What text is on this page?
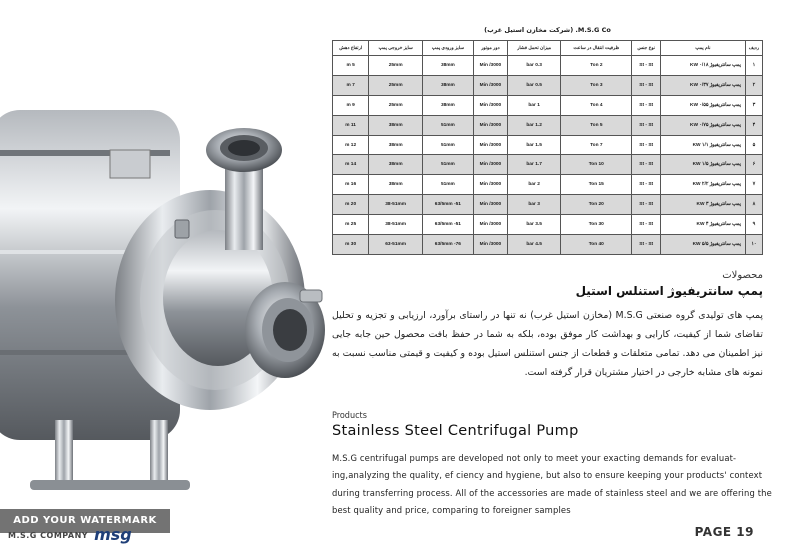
M.S.G Co. (شرکت مخازن استیل غرب)
ردیف	نام پمپ	نوع جنس	ظرفیت انتقال در ساعت	میزان تحمل فشار	دور موتور	سایز ورودی پمپ	سایز خروجی پمپ	ارتفاع دهش
۱	پمپ سانتریفیوژ KW ۰/۱۸	St - St	2 Ton	0.3 bar	3000/ Min	38mm	25mm	5 m
۲	پمپ سانتریفیوژ KW ۰/۳۷	St - St	3 Ton	0.5 bar	3000/ Min	38mm	25mm	7 m
۳	پمپ سانتریفیوژ KW ۰/۵۵	St - St	4 Ton	1 bar	3000/ Min	38mm	25mm	9 m
۴	پمپ سانتریفیوژ KW ۰/۷۵	St - St	5 Ton	1.2 bar	3000/ Min	51mm	38mm	11 m
۵	پمپ سانتریفیوژ KW ۱/۱	St - St	7 Ton	1.5 bar	3000/ Min	51mm	38mm	12 m
۶	پمپ سانتریفیوژ KW ۱/۵	St - St	10 Ton	1.7 bar	3000/ Min	51mm	38mm	14 m
۷	پمپ سانتریفیوژ KW ۲/۲	St - St	15 Ton	2 bar	3000/ Min	51mm	38mm	16 m
۸	پمپ سانتریفیوژ KW ۳	St - St	20 Ton	3 bar	3000/ Min	51- 63/5mm	38-51mm	20 m
۹	پمپ سانتریفیوژ KW ۴	St - St	30 Ton	3.5 bar	3000/ Min	51- 63/5mm	38-51mm	25 m
۱۰	پمپ سانتریفیوژ KW ۵/۵	St - St	40 Ton	4.5 bar	3000/ Min	76- 63/5mm	63-51mm	30 m
محصولات
پمپ سانتریفیوژ استنلس استیل
پمپ های تولیدی گروه صنعتی M.S.G (مخازن استیل غرب) نه تنها در راستای برآورد، ارزیابی و تجزیه و تحلیل تقاضای شما از کیفیت، کارایی و بهداشت کار موفق بوده، بلکه به شما در حفظ بافت محصول حین جابه جایی نیز اطمینان می دهد. تمامی متعلقات و قطعات از جنس استنلس استیل بوده و کیفیت و قیمتی مناسب نسبت به نمونه های مشابه خارجی در اختیار مشتریان قرار گرفته است.
Products
Stainless Steel Centrifugal Pump
M.S.G centrifugal pumps are developed not only to meet your exacting demands for evaluat-ing,analyzing the quality, ef ciency and hygiene, but also to ensure keeping your products' context during transferring process. All of the accessories are made of stainless steel and we are offering the best quality and price, comparing to foreigner samples
PAGE 19
ADD YOUR WATERMARK
M.S.G COMPANY msg
